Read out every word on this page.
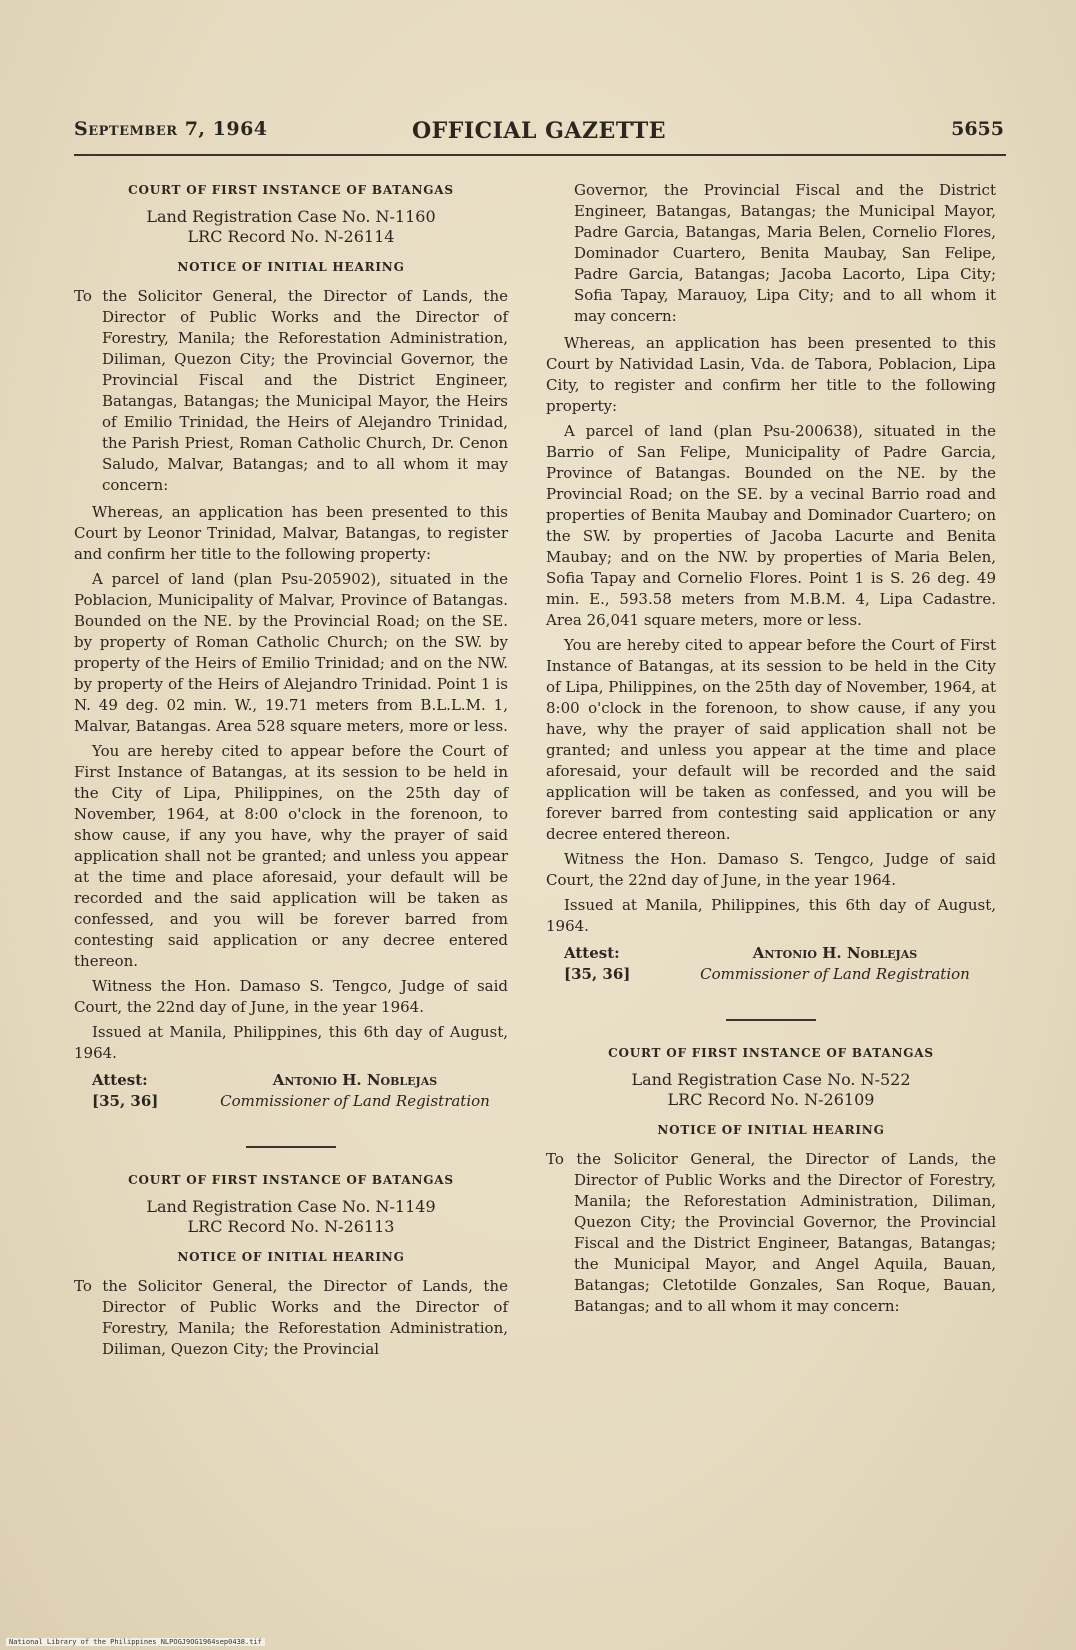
September 7, 1964	OFFICIAL GAZETTE	5655

COURT OF FIRST INSTANCE OF BATANGAS

Land Registration Case No. N-1160

LRC Record No. N-26114

NOTICE OF INITIAL HEARING

To the Solicitor General, the Director of Lands, the Director of Public Works and the Director of Forestry, Manila; the Reforestation Administration, Diliman, Quezon City; the Provincial Governor, the Provincial Fiscal and the District Engineer, Batangas, Batangas; the Municipal Mayor, the Heirs of Emilio Trinidad, the Heirs of Alejandro Trinidad, the Parish Priest, Roman Catholic Church, Dr. Cenon Saludo, Malvar, Batangas; and to all whom it may concern:

Whereas, an application has been presented to this Court by Leonor Trinidad, Malvar, Batangas, to register and confirm her title to the following property:

A parcel of land (plan Psu-205902), situated in the Poblacion, Municipality of Malvar, Province of Batangas. Bounded on the NE. by the Provincial Road; on the SE. by property of Roman Catholic Church; on the SW. by property of the Heirs of Emilio Trinidad; and on the NW. by property of the Heirs of Alejandro Trinidad. Point 1 is N. 49 deg. 02 min. W., 19.71 meters from B.L.L.M. 1, Malvar, Batangas. Area 528 square meters, more or less.

You are hereby cited to appear before the Court of First Instance of Batangas, at its session to be held in the City of Lipa, Philippines, on the 25th day of November, 1964, at 8:00 o'clock in the forenoon, to show cause, if any you have, why the prayer of said application shall not be granted; and unless you appear at the time and place aforesaid, your default will be recorded and the said application will be taken as confessed, and you will be forever barred from contesting said application or any decree entered thereon.

Witness the Hon. Damaso S. Tengco, Judge of said Court, the 22nd day of June, in the year 1964.

Issued at Manila, Philippines, this 6th day of August, 1964.

Attest:	Antonio H. Noblejas
[35, 36]	Commissioner of Land Registration

COURT OF FIRST INSTANCE OF BATANGAS

Land Registration Case No. N-1149

LRC Record No. N-26113

NOTICE OF INITIAL HEARING

To the Solicitor General, the Director of Lands, the Director of Public Works and the Director of Forestry, Manila; the Reforestation Administration, Diliman, Quezon City; the Provincial

Governor, the Provincial Fiscal and the District Engineer, Batangas, Batangas; the Municipal Mayor, Padre Garcia, Batangas, Maria Belen, Cornelio Flores, Dominador Cuartero, Benita Maubay, San Felipe, Padre Garcia, Batangas; Jacoba Lacorto, Lipa City; Sofia Tapay, Marauoy, Lipa City; and to all whom it may concern:

Whereas, an application has been presented to this Court by Natividad Lasin, Vda. de Tabora, Poblacion, Lipa City, to register and confirm her title to the following property:

A parcel of land (plan Psu-200638), situated in the Barrio of San Felipe, Municipality of Padre Garcia, Province of Batangas. Bounded on the NE. by the Provincial Road; on the SE. by a vecinal Barrio road and properties of Benita Maubay and Dominador Cuartero; on the SW. by properties of Jacoba Lacurte and Benita Maubay; and on the NW. by properties of Maria Belen, Sofia Tapay and Cornelio Flores. Point 1 is S. 26 deg. 49 min. E., 593.58 meters from M.B.M. 4, Lipa Cadastre. Area 26,041 square meters, more or less.

You are hereby cited to appear before the Court of First Instance of Batangas, at its session to be held in the City of Lipa, Philippines, on the 25th day of November, 1964, at 8:00 o'clock in the forenoon, to show cause, if any you have, why the prayer of said application shall not be granted; and unless you appear at the time and place aforesaid, your default will be recorded and the said application will be taken as confessed, and you will be forever barred from contesting said application or any decree entered thereon.

Witness the Hon. Damaso S. Tengco, Judge of said Court, the 22nd day of June, in the year 1964.

Issued at Manila, Philippines, this 6th day of August, 1964.

Attest:	Antonio H. Noblejas
[35, 36]	Commissioner of Land Registration

COURT OF FIRST INSTANCE OF BATANGAS

Land Registration Case No. N-522

LRC Record No. N-26109

NOTICE OF INITIAL HEARING

To the Solicitor General, the Director of Lands, the Director of Public Works and the Director of Forestry, Manila; the Reforestation Administration, Diliman, Quezon City; the Provincial Governor, the Provincial Fiscal and the District Engineer, Batangas, Batangas; the Municipal Mayor, and Angel Aquila, Bauan, Batangas; Cletotilde Gonzales, San Roque, Bauan, Batangas; and to all whom it may concern:

National Library of the Philippines NLPOGJ9OG1964sep0438.tif
